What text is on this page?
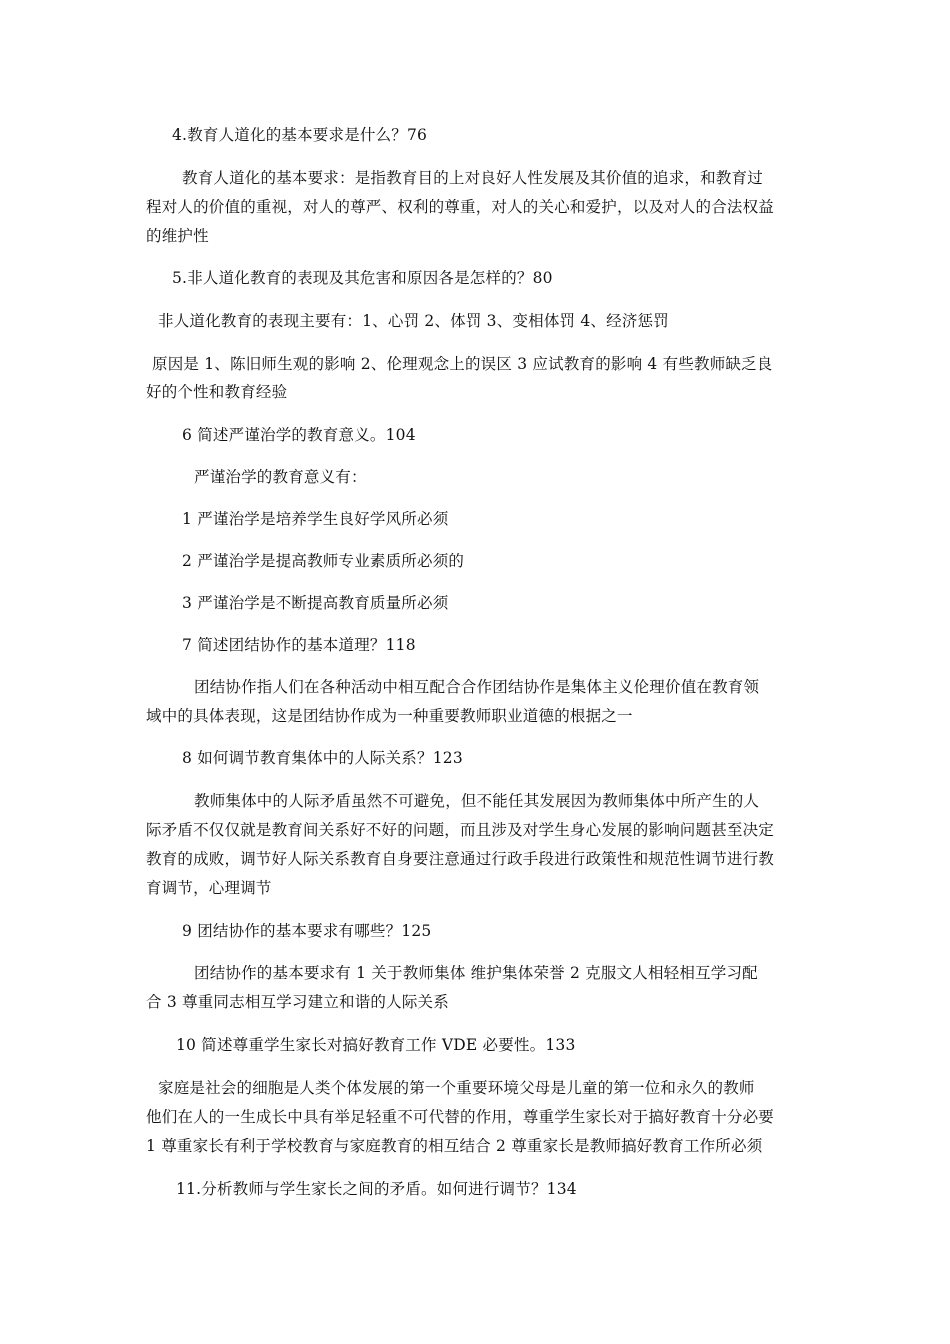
4.教育人道化的基本要求是什么？76
教育人道化的基本要求：是指教育目的上对良好人性发展及其价值的追求，和教育过
程对人的价值的重视，对人的尊严、权利的尊重，对人的关心和爱护，以及对人的合法权益
的维护性
5.非人道化教育的表现及其危害和原因各是怎样的？80
非人道化教育的表现主要有：1、心罚 2、体罚 3、变相体罚 4、经济惩罚
原因是 1、陈旧师生观的影响 2、伦理观念上的误区 3 应试教育的影响 4 有些教师缺乏良
好的个性和教育经验
6 简述严谨治学的教育意义。104
严谨治学的教育意义有：
1 严谨治学是培养学生良好学风所必须
2 严谨治学是提高教师专业素质所必须的
3 严谨治学是不断提高教育质量所必须
7 简述团结协作的基本道理？118
团结协作指人们在各种活动中相互配合合作团结协作是集体主义伦理价值在教育领
域中的具体表现，这是团结协作成为一种重要教师职业道德的根据之一
8 如何调节教育集体中的人际关系？123
教师集体中的人际矛盾虽然不可避免，但不能任其发展因为教师集体中所产生的人
际矛盾不仅仅就是教育间关系好不好的问题，而且涉及对学生身心发展的影响问题甚至决定
教育的成败，调节好人际关系教育自身要注意通过行政手段进行政策性和规范性调节进行教
育调节，心理调节
9 团结协作的基本要求有哪些？125
团结协作的基本要求有 1 关于教师集体 维护集体荣誉 2 克服文人相轻相互学习配
合 3 尊重同志相互学习建立和谐的人际关系
10 简述尊重学生家长对搞好教育工作 VDE 必要性。133
家庭是社会的细胞是人类个体发展的第一个重要环境父母是儿童的第一位和永久的教师
他们在人的一生成长中具有举足轻重不可代替的作用，尊重学生家长对于搞好教育十分必要
1 尊重家长有利于学校教育与家庭教育的相互结合 2 尊重家长是教师搞好教育工作所必须
11.分析教师与学生家长之间的矛盾。如何进行调节？134
